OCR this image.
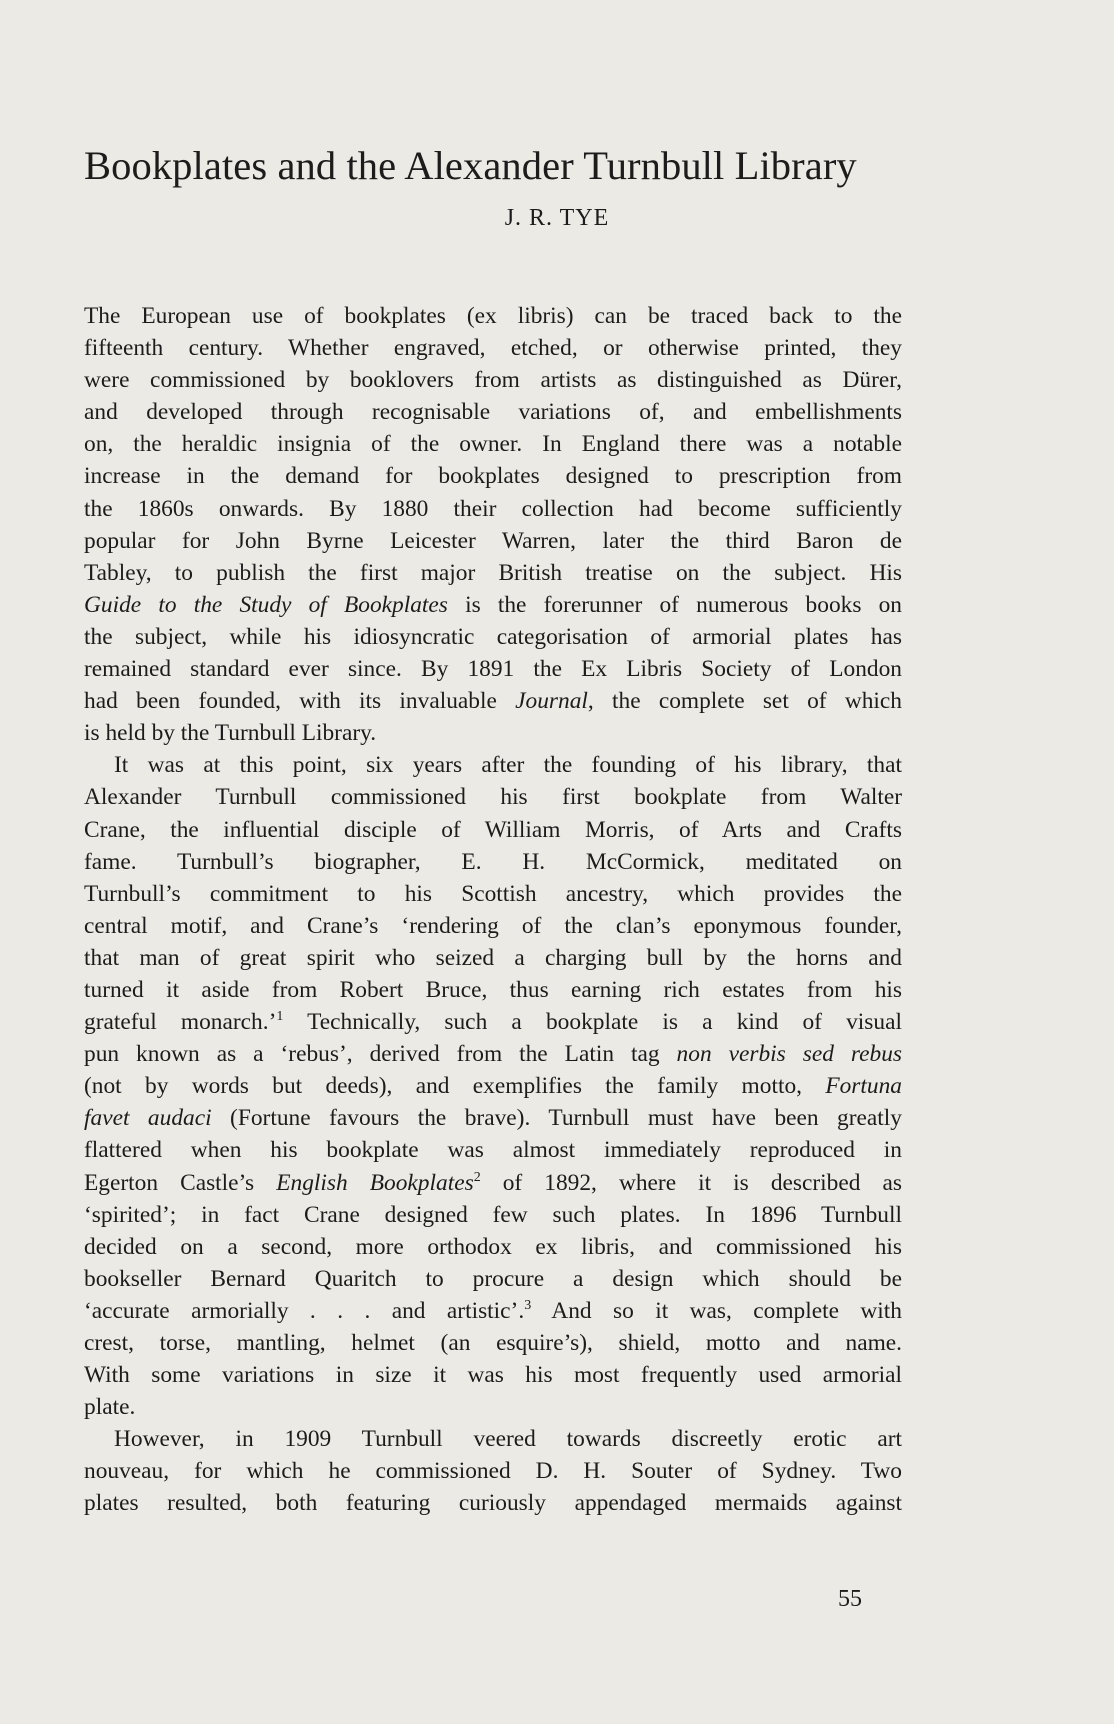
Bookplates and the Alexander Turnbull Library
J. R. TYE
The European use of bookplates (ex libris) can be traced back to the
fifteenth century. Whether engraved, etched, or otherwise printed, they
were commissioned by booklovers from artists as distinguished as Dürer,
and developed through recognisable variations of, and embellishments
on, the heraldic insignia of the owner. In England there was a notable
increase in the demand for bookplates designed to prescription from
the 1860s onwards. By 1880 their collection had become sufficiently
popular for John Byrne Leicester Warren, later the third Baron de
Tabley, to publish the first major British treatise on the subject. His
Guide to the Study of Bookplates is the forerunner of numerous books on
the subject, while his idiosyncratic categorisation of armorial plates has
remained standard ever since. By 1891 the Ex Libris Society of London
had been founded, with its invaluable Journal, the complete set of which
is held by the Turnbull Library.
It was at this point, six years after the founding of his library, that
Alexander Turnbull commissioned his first bookplate from Walter
Crane, the influential disciple of William Morris, of Arts and Crafts
fame. Turnbull’s biographer, E. H. McCormick, meditated on
Turnbull’s commitment to his Scottish ancestry, which provides the
central motif, and Crane’s ‘rendering of the clan’s eponymous founder,
that man of great spirit who seized a charging bull by the horns and
turned it aside from Robert Bruce, thus earning rich estates from his
grateful monarch.’$^1$ Technically, such a bookplate is a kind of visual
pun known as a ‘rebus’, derived from the Latin tag non verbis sed rebus
(not by words but deeds), and exemplifies the family motto, Fortuna
favet audaci (Fortune favours the brave). Turnbull must have been greatly
flattered when his bookplate was almost immediately reproduced in
Egerton Castle’s English Bookplates$^2$ of 1892, where it is described as
‘spirited’; in fact Crane designed few such plates. In 1896 Turnbull
decided on a second, more orthodox ex libris, and commissioned his
bookseller Bernard Quaritch to procure a design which should be
‘accurate armorially . . . and artistic’.$^3$ And so it was, complete with
crest, torse, mantling, helmet (an esquire’s), shield, motto and name.
With some variations in size it was his most frequently used armorial
plate.
However, in 1909 Turnbull veered towards discreetly erotic art
nouveau, for which he commissioned D. H. Souter of Sydney. Two
plates resulted, both featuring curiously appendaged mermaids against
55
